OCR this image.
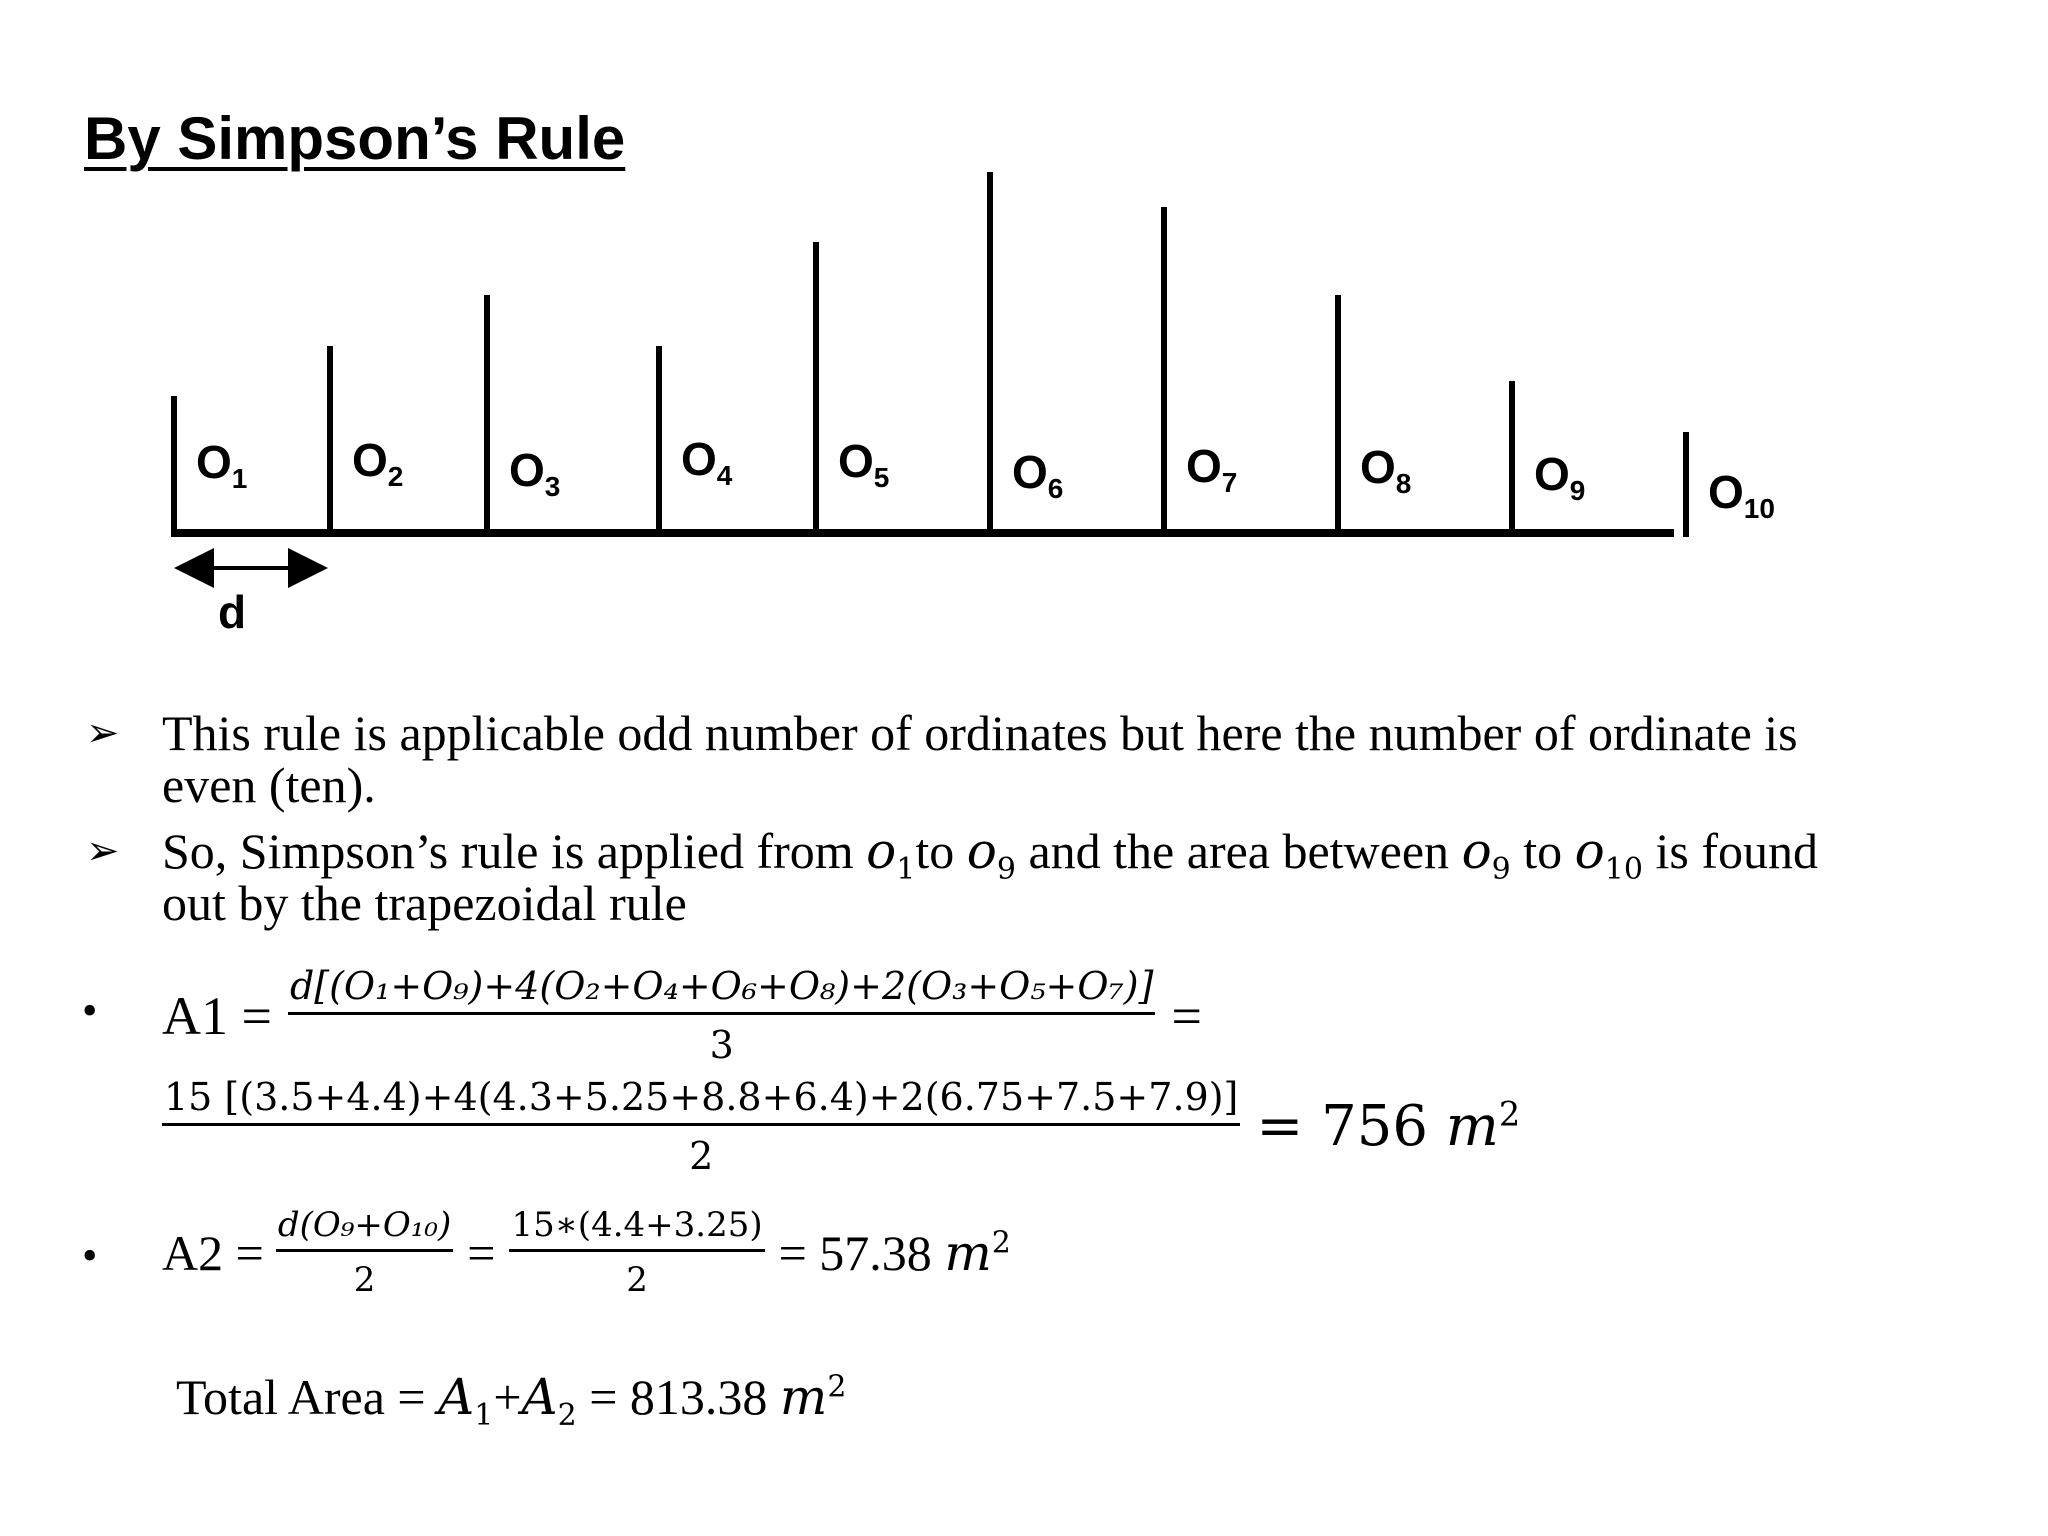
By Simpson’s Rule
d
$O_1$ $O_2$ $O_3$
$O_4$ $O_5$	$O_6$	$O_7$	$O_8$	$O_9$	$O_{10}$
➢ This rule is applicable odd number of ordinates but here the number of ordinate is
even (ten).
➢ So, Simpson’s rule is applied from $o_1to$ $o_9$ and the area between $o_9$ to $o_{10}$ is found
out by the trapezoidal rule
• $A1 = \frac{\text{d[(O₁+O₉)+4(O₂+O₄+O₆+O₈)+2(O₃+O₅+O₇)]}}{3}$ =
$\frac{15 [(3.5+4.4)+4(4.3+5.25+8.8+6.4)+2(6.75+7.5+7.9)]}{2} = 756$ $m^2$
• $A2 = \frac{\text{d(O₉+O₁₀)}}{2} = \frac{15∗(4.4+3.25)}{2} = 57.38$ $m^2$
Total Area = $A_1+A_2 = 813.38$ $m^2$
